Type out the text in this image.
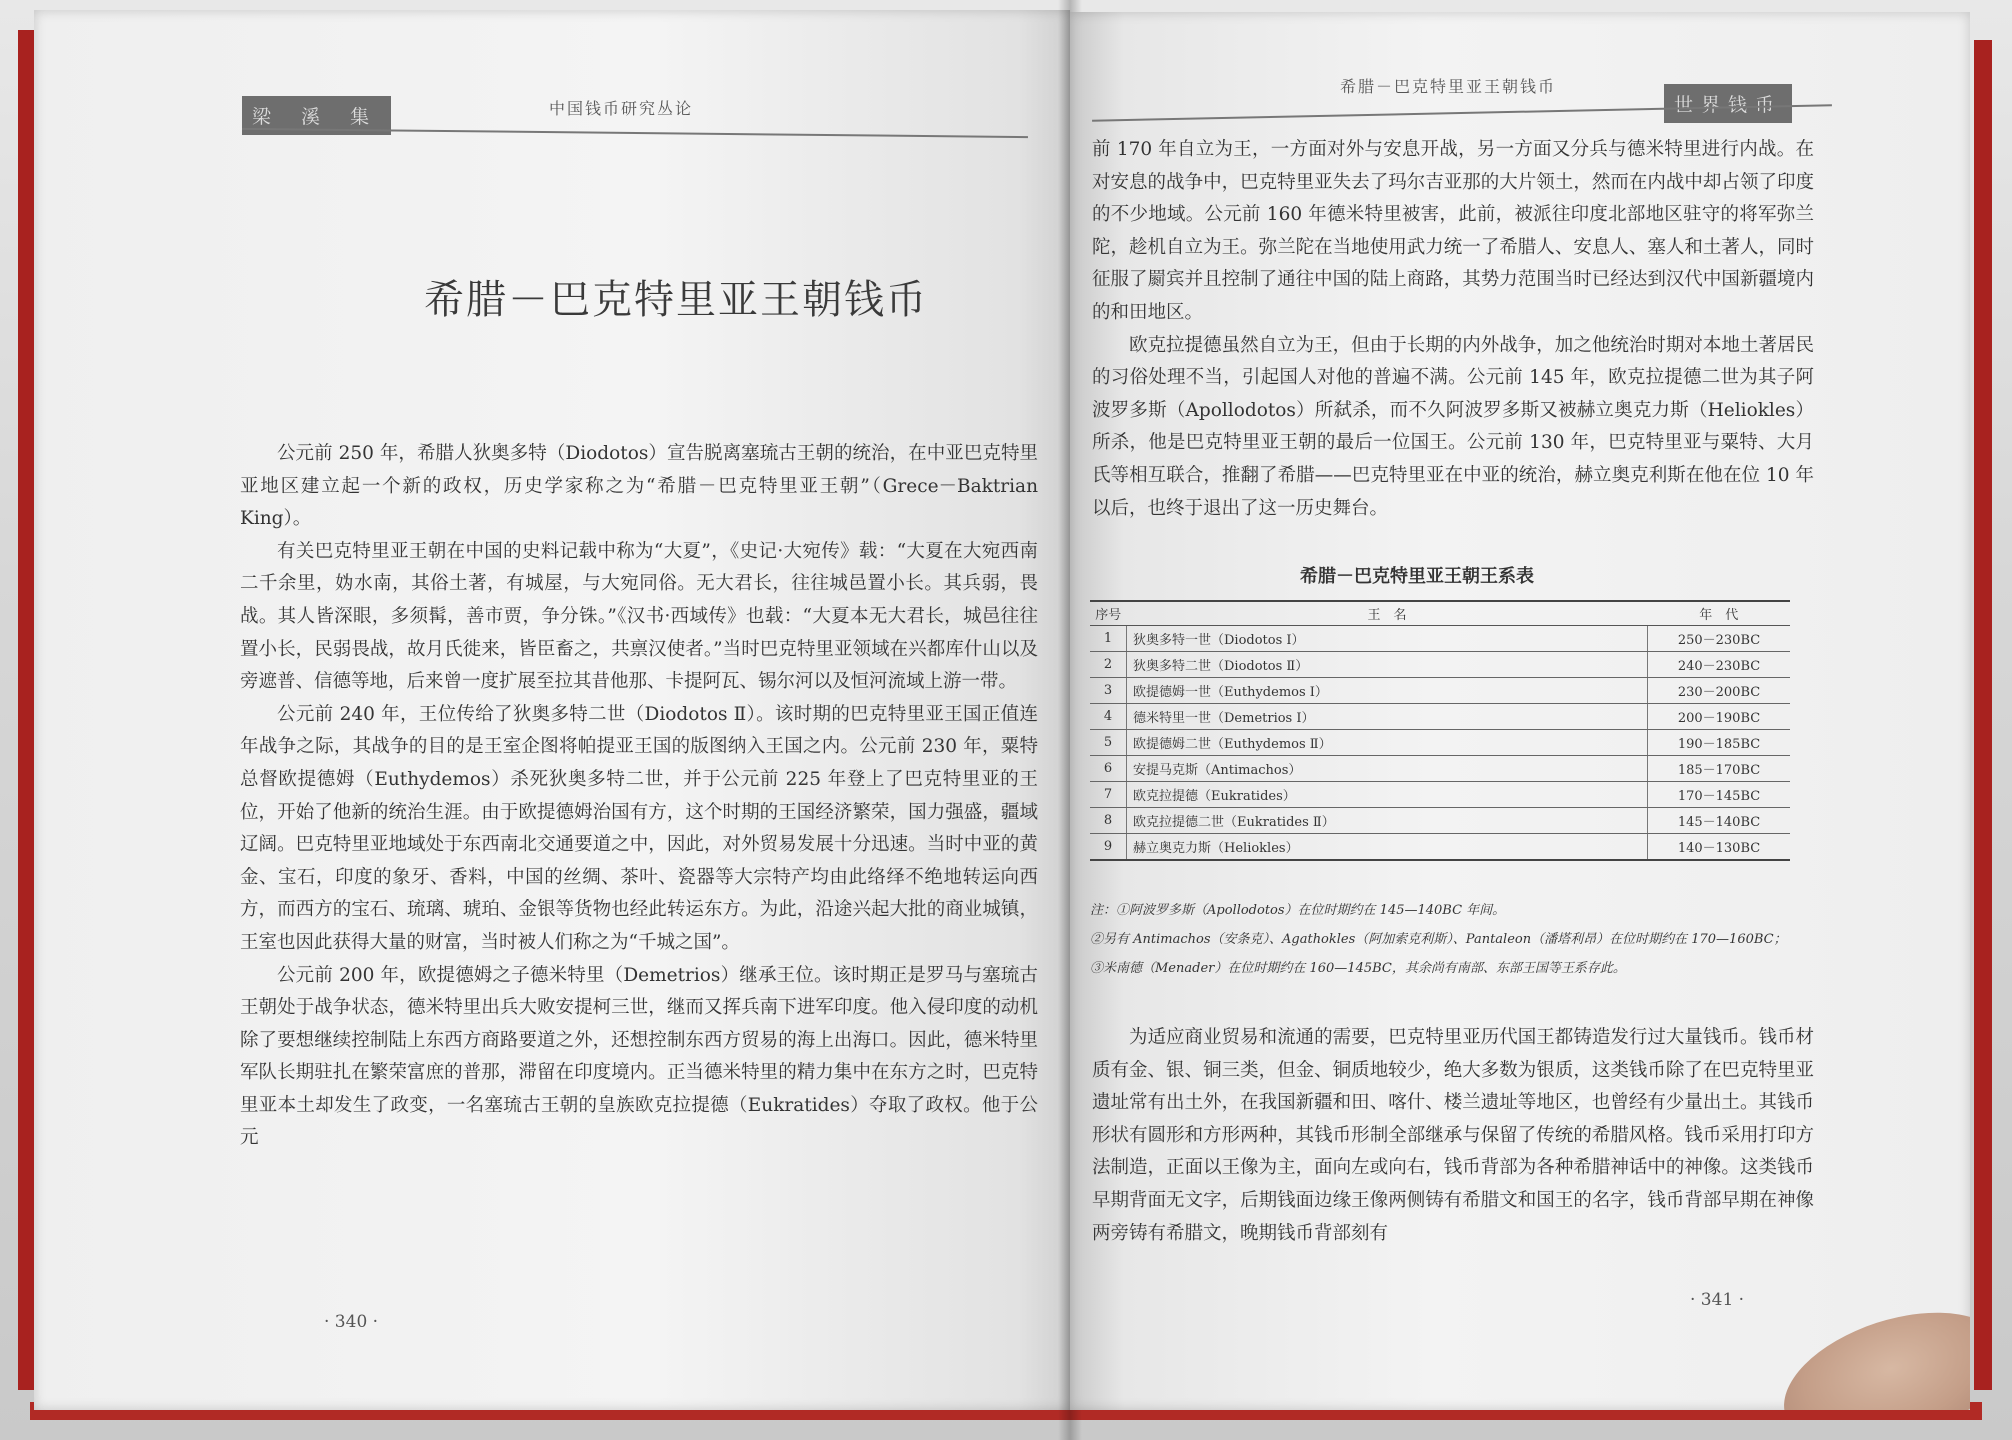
梁 溪 集	中国钱币研究丛论
希腊－巴克特里亚王朝钱币

公元前 250 年，希腊人狄奥多特（Diodotos）宣告脱离塞琉古王朝的统治，在中亚巴克特里亚地区建立起一个新的政权，历史学家称之为“希腊－巴克特里亚王朝”（Grece－Baktrian King）。

有关巴克特里亚王朝在中国的史料记载中称为“大夏”，《史记·大宛传》载：“大夏在大宛西南二千余里，妫水南，其俗土著，有城屋，与大宛同俗。无大君长，往往城邑置小长。其兵弱，畏战。其人皆深眼，多须髯，善市贾，争分铢。”《汉书·西域传》也载：“大夏本无大君长，城邑往往置小长，民弱畏战，故月氏徙来，皆臣畜之，共禀汉使者。”当时巴克特里亚领域在兴都库什山以及旁遮普、信德等地，后来曾一度扩展至拉其昔他那、卡提阿瓦、锡尔河以及恒河流域上游一带。

公元前 240 年，王位传给了狄奥多特二世（Diodotos Ⅱ）。该时期的巴克特里亚王国正值连年战争之际，其战争的目的是王室企图将帕提亚王国的版图纳入王国之内。公元前 230 年，粟特总督欧提德姆（Euthydemos）杀死狄奥多特二世，并于公元前 225 年登上了巴克特里亚的王位，开始了他新的统治生涯。由于欧提德姆治国有方，这个时期的王国经济繁荣，国力强盛，疆域辽阔。巴克特里亚地域处于东西南北交通要道之中，因此，对外贸易发展十分迅速。当时中亚的黄金、宝石，印度的象牙、香料，中国的丝绸、茶叶、瓷器等大宗特产均由此络绎不绝地转运向西方，而西方的宝石、琉璃、琥珀、金银等货物也经此转运东方。为此，沿途兴起大批的商业城镇，王室也因此获得大量的财富，当时被人们称之为“千城之国”。

公元前 200 年，欧提德姆之子德米特里（Demetrios）继承王位。该时期正是罗马与塞琉古王朝处于战争状态，德米特里出兵大败安提柯三世，继而又挥兵南下进军印度。他入侵印度的动机除了要想继续控制陆上东西方商路要道之外，还想控制东西方贸易的海上出海口。因此，德米特里军队长期驻扎在繁荣富庶的普那，滞留在印度境内。正当德米特里的精力集中在东方之时，巴克特里亚本土却发生了政变，一名塞琉古王朝的皇族欧克拉提德（Eukratides）夺取了政权。他于公元

· 340 ·
希腊－巴克特里亚王朝钱币
世界钱币

前 170 年自立为王，一方面对外与安息开战，另一方面又分兵与德米特里进行内战。在对安息的战争中，巴克特里亚失去了玛尔吉亚那的大片领土，然而在内战中却占领了印度的不少地域。公元前 160 年德米特里被害，此前，被派往印度北部地区驻守的将军弥兰陀，趁机自立为王。弥兰陀在当地使用武力统一了希腊人、安息人、塞人和土著人，同时征服了罽宾并且控制了通往中国的陆上商路，其势力范围当时已经达到汉代中国新疆境内的和田地区。

欧克拉提德虽然自立为王，但由于长期的内外战争，加之他统治时期对本地土著居民的习俗处理不当，引起国人对他的普遍不满。公元前 145 年，欧克拉提德二世为其子阿波罗多斯（Apollodotos）所弑杀，而不久阿波罗多斯又被赫立奥克力斯（Heliokles）所杀，他是巴克特里亚王朝的最后一位国王。公元前 130 年，巴克特里亚与粟特、大月氏等相互联合，推翻了希腊——巴克特里亚在中亚的统治，赫立奥克利斯在他在位 10 年以后，也终于退出了这一历史舞台。

希腊－巴克特里亚王朝王系表
序号	王　名	年　代
1	狄奥多特一世（Diodotos Ⅰ）	250－230BC
2	狄奥多特二世（Diodotos Ⅱ）	240－230BC
3	欧提德姆一世（Euthydemos Ⅰ）	230－200BC
4	德米特里一世（Demetrios Ⅰ）	200－190BC
5	欧提德姆二世（Euthydemos Ⅱ）	190－185BC
6	安提马克斯（Antimachos）	185－170BC
7	欧克拉提德（Eukratides）	170－145BC
8	欧克拉提德二世（Eukratides Ⅱ）	145－140BC
9	赫立奥克力斯（Heliokles）	140－130BC

注：①阿波罗多斯（Apollodotos）在位时期约在 145—140BC 年间。

②另有 Antimachos（安条克）、Agathokles（阿加索克利斯）、Pantaleon（潘塔利昂）在位时期约在 170—160BC；

③米南德（Menader）在位时期约在 160—145BC，其余尚有南部、东部王国等王系存此。

为适应商业贸易和流通的需要，巴克特里亚历代国王都铸造发行过大量钱币。钱币材质有金、银、铜三类，但金、铜质地较少，绝大多数为银质，这类钱币除了在巴克特里亚遗址常有出土外，在我国新疆和田、喀什、楼兰遗址等地区，也曾经有少量出土。其钱币形状有圆形和方形两种，其钱币形制全部继承与保留了传统的希腊风格。钱币采用打印方法制造，正面以王像为主，面向左或向右，钱币背部为各种希腊神话中的神像。这类钱币早期背面无文字，后期钱面边缘王像两侧铸有希腊文和国王的名字，钱币背部早期在神像两旁铸有希腊文，晚期钱币背部刻有

· 341 ·
